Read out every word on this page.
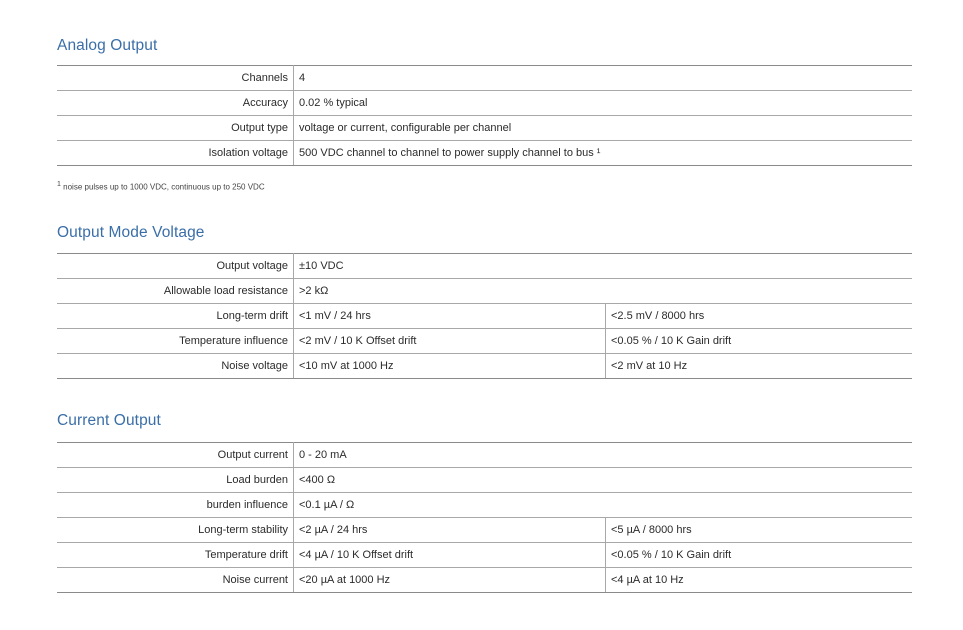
Analog Output
Channels	4
Accuracy	0.02 % typical
Output type	voltage or current, configurable per channel
Isolation voltage	500 VDC channel to channel to power supply channel to bus ¹
1 noise pulses up to 1000 VDC, continuous up to 250 VDC
Output Mode Voltage
Output voltage	±10 VDC	
Allowable load resistance	>2 kΩ	
Long-term drift	<1 mV / 24 hrs	<2.5 mV / 8000 hrs
Temperature influence	<2 mV / 10 K Offset drift	<0.05 % / 10 K Gain drift
Noise voltage	<10 mV at 1000 Hz	<2 mV at 10 Hz
Current Output
Output current	0 - 20 mA	
Load burden	<400 Ω	
burden influence	<0.1 µA / Ω	
Long-term stability	<2 µA / 24 hrs	<5 µA / 8000 hrs
Temperature drift	<4 µA / 10 K Offset drift	<0.05 % / 10 K Gain drift
Noise current	<20 µA at 1000 Hz	<4 µA at 10 Hz
